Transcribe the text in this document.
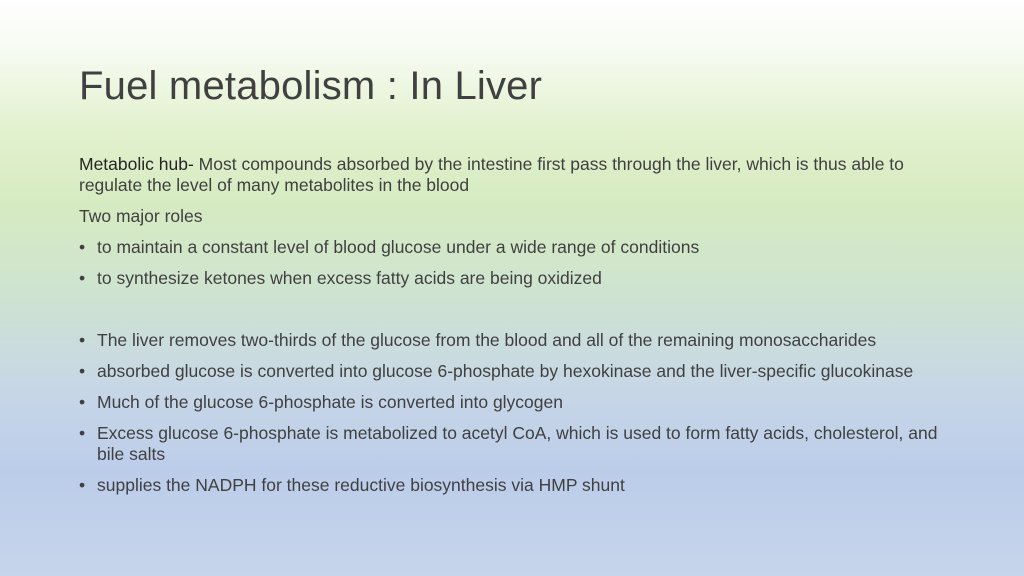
Fuel metabolism : In Liver

Metabolic hub- Most compounds absorbed by the intestine first pass through the liver, which is thus able to regulate the level of many metabolites in the blood

Two major roles

• to maintain a constant level of blood glucose under a wide range of conditions
• to synthesize ketones when excess fatty acids are being oxidized
• The liver removes two-thirds of the glucose from the blood and all of the remaining monosaccharides
• absorbed glucose is converted into glucose 6-phosphate by hexokinase and the liver-specific glucokinase
• Much of the glucose 6-phosphate is converted into glycogen
• Excess glucose 6-phosphate is metabolized to acetyl CoA, which is used to form fatty acids, cholesterol, and bile salts
• supplies the NADPH for these reductive biosynthesis via HMP shunt
